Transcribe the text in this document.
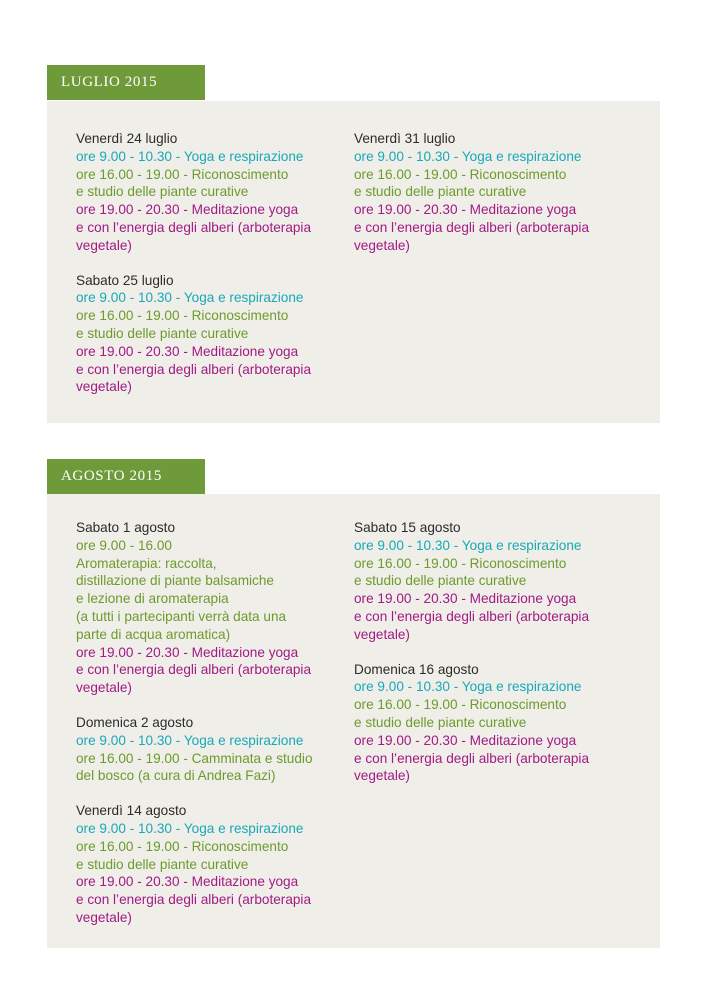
LUGLIO 2015
Venerdì 24 luglio
ore 9.00 - 10.30 - Yoga e respirazione
ore 16.00 - 19.00 - Riconoscimento
e studio delle piante curative
ore 19.00 - 20.30 - Meditazione yoga
e con l’energia degli alberi (arboterapia
vegetale)
Sabato 25 luglio
ore 9.00 - 10.30 - Yoga e respirazione
ore 16.00 - 19.00 - Riconoscimento
e studio delle piante curative
ore 19.00 - 20.30 - Meditazione yoga
e con l’energia degli alberi (arboterapia
vegetale)
Venerdì 31 luglio
ore 9.00 - 10.30 - Yoga e respirazione
ore 16.00 - 19.00 - Riconoscimento
e studio delle piante curative
ore 19.00 - 20.30 - Meditazione yoga
e con l’energia degli alberi (arboterapia
vegetale)
AGOSTO 2015
Sabato 1 agosto
ore 9.00 - 16.00
Aromaterapia: raccolta,
distillazione di piante balsamiche
e lezione di aromaterapia
(a tutti i partecipanti verrà data una
parte di acqua aromatica)
ore 19.00 - 20.30 - Meditazione yoga
e con l’energia degli alberi (arboterapia
vegetale)
Domenica 2 agosto
ore 9.00 - 10.30 - Yoga e respirazione
ore 16.00 - 19.00 - Camminata e studio
del bosco (a cura di Andrea Fazi)
Venerdì 14 agosto
ore 9.00 - 10.30 - Yoga e respirazione
ore 16.00 - 19.00 - Riconoscimento
e studio delle piante curative
ore 19.00 - 20.30 - Meditazione yoga
e con l’energia degli alberi (arboterapia
vegetale)
Sabato 15 agosto
ore 9.00 - 10.30 - Yoga e respirazione
ore 16.00 - 19.00 - Riconoscimento
e studio delle piante curative
ore 19.00 - 20.30 - Meditazione yoga
e con l’energia degli alberi (arboterapia
vegetale)
Domenica 16 agosto
ore 9.00 - 10.30 - Yoga e respirazione
ore 16.00 - 19.00 - Riconoscimento
e studio delle piante curative
ore 19.00 - 20.30 - Meditazione yoga
e con l’energia degli alberi (arboterapia
vegetale)
